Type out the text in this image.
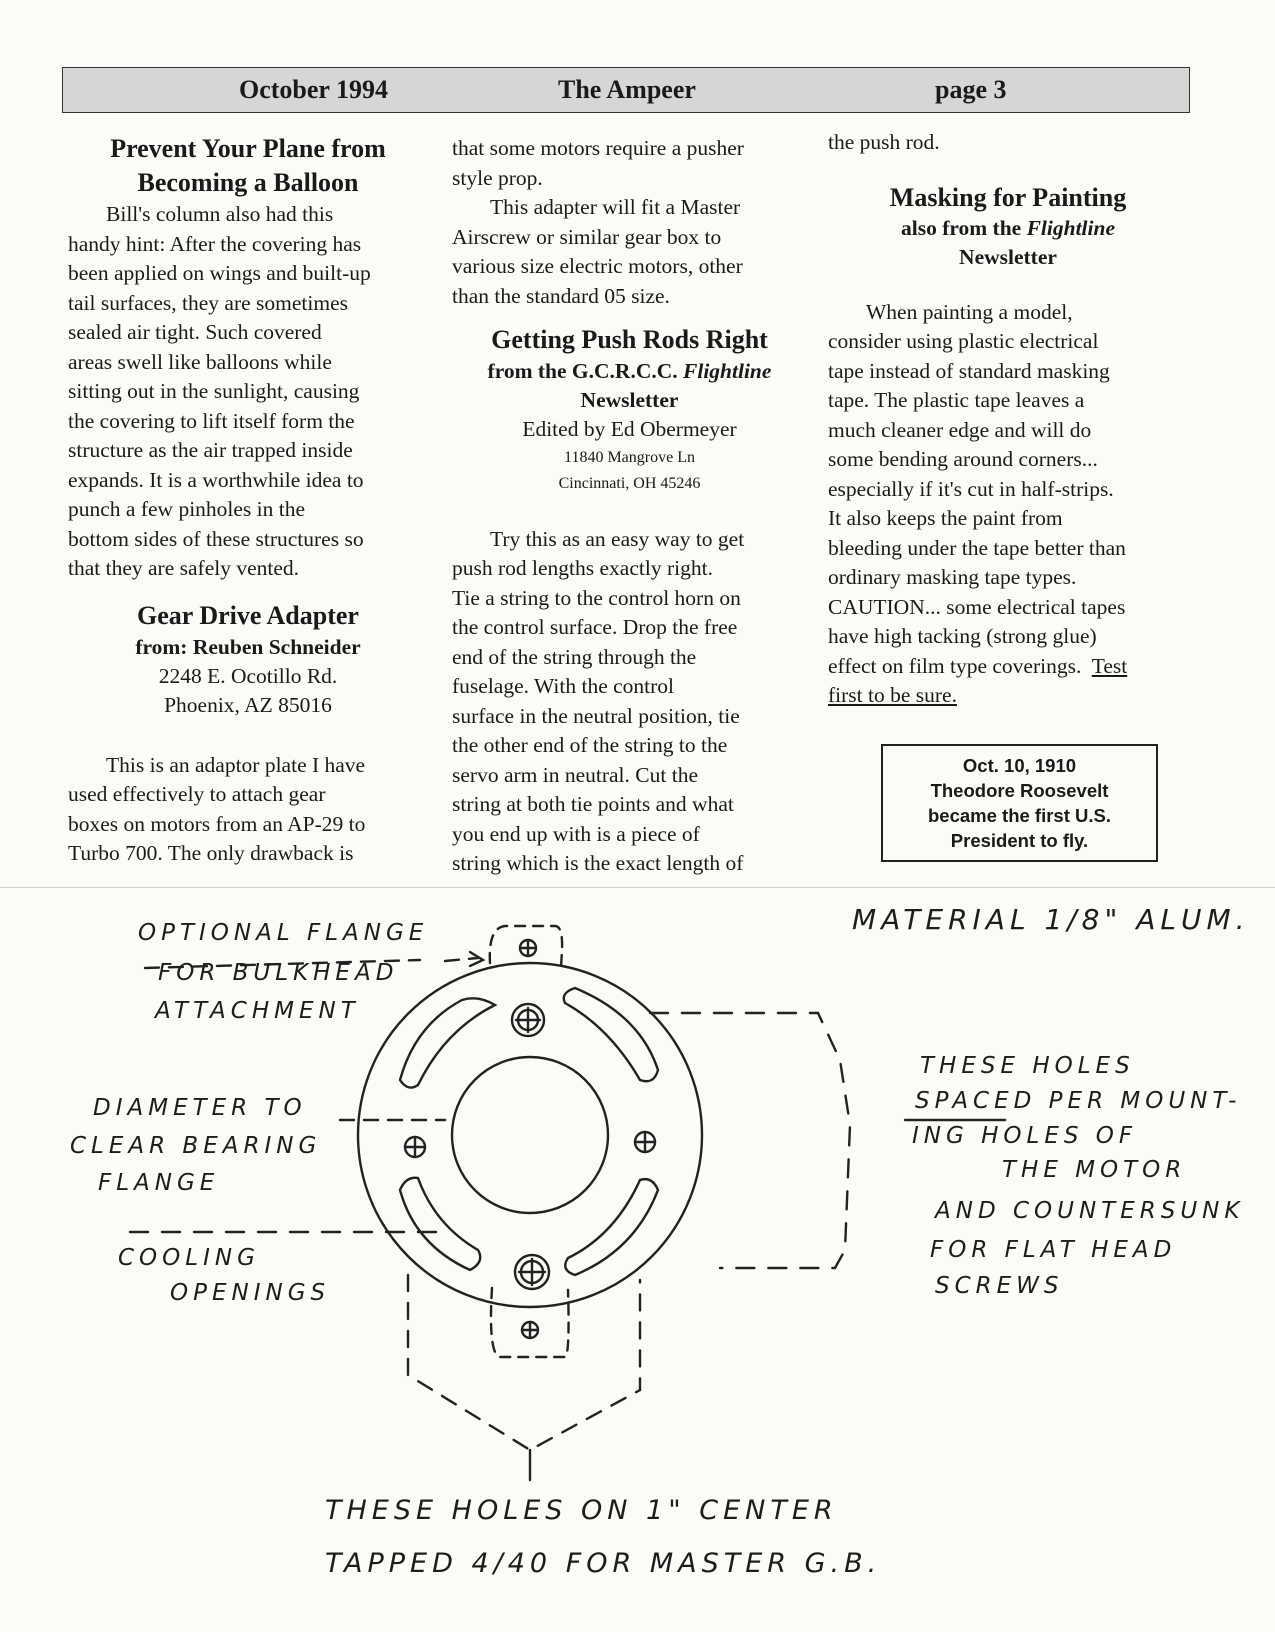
October 1994	The Ampeer	page 3
Prevent Your Plane from
Becoming a Balloon
Bill's column also had this
handy hint: After the covering has
been applied on wings and built-up
tail surfaces, they are sometimes
sealed air tight. Such covered
areas swell like balloons while
sitting out in the sunlight, causing
the covering to lift itself form the
structure as the air trapped inside
expands. It is a worthwhile idea to
punch a few pinholes in the
bottom sides of these structures so
that they are safely vented.
Gear Drive Adapter
from: Reuben Schneider
2248 E. Ocotillo Rd.
Phoenix, AZ 85016
This is an adaptor plate I have
used effectively to attach gear
boxes on motors from an AP-29 to
Turbo 700. The only drawback is
that some motors require a pusher
style prop.
This adapter will fit a Master
Airscrew or similar gear box to
various size electric motors, other
than the standard 05 size.
Getting Push Rods Right
from the G.C.R.C.C. Flightline
Newsletter
Edited by Ed Obermeyer
11840 Mangrove Ln
Cincinnati, OH 45246
Try this as an easy way to get
push rod lengths exactly right.
Tie a string to the control horn on
the control surface. Drop the free
end of the string through the
fuselage. With the control
surface in the neutral position, tie
the other end of the string to the
servo arm in neutral. Cut the
string at both tie points and what
you end up with is a piece of
string which is the exact length of
the push rod.
Masking for Painting
also from the Flightline
Newsletter
When painting a model,
consider using plastic electrical
tape instead of standard masking
tape. The plastic tape leaves a
much cleaner edge and will do
some bending around corners...
especially if it's cut in half-strips.
It also keeps the paint from
bleeding under the tape better than
ordinary masking tape types.
CAUTION... some electrical tapes
have high tacking (strong glue)
effect on film type coverings. Test
first to be sure.
Oct. 10, 1910
Theodore Roosevelt
became the first U.S.
President to fly.
OPTIONAL FLANGE
FOR BULKHEAD
ATTACHMENT
MATERIAL 1/8" ALUM.
DIAMETER TO
CLEAR BEARING
FLANGE
COOLING
OPENINGS
THESE HOLES
SPACED PER MOUNT-
ING HOLES OF
THE MOTOR
AND COUNTERSUNK
FOR FLAT HEAD
SCREWS
THESE HOLES ON 1" CENTER
TAPPED 4/40 FOR MASTER G.B.
